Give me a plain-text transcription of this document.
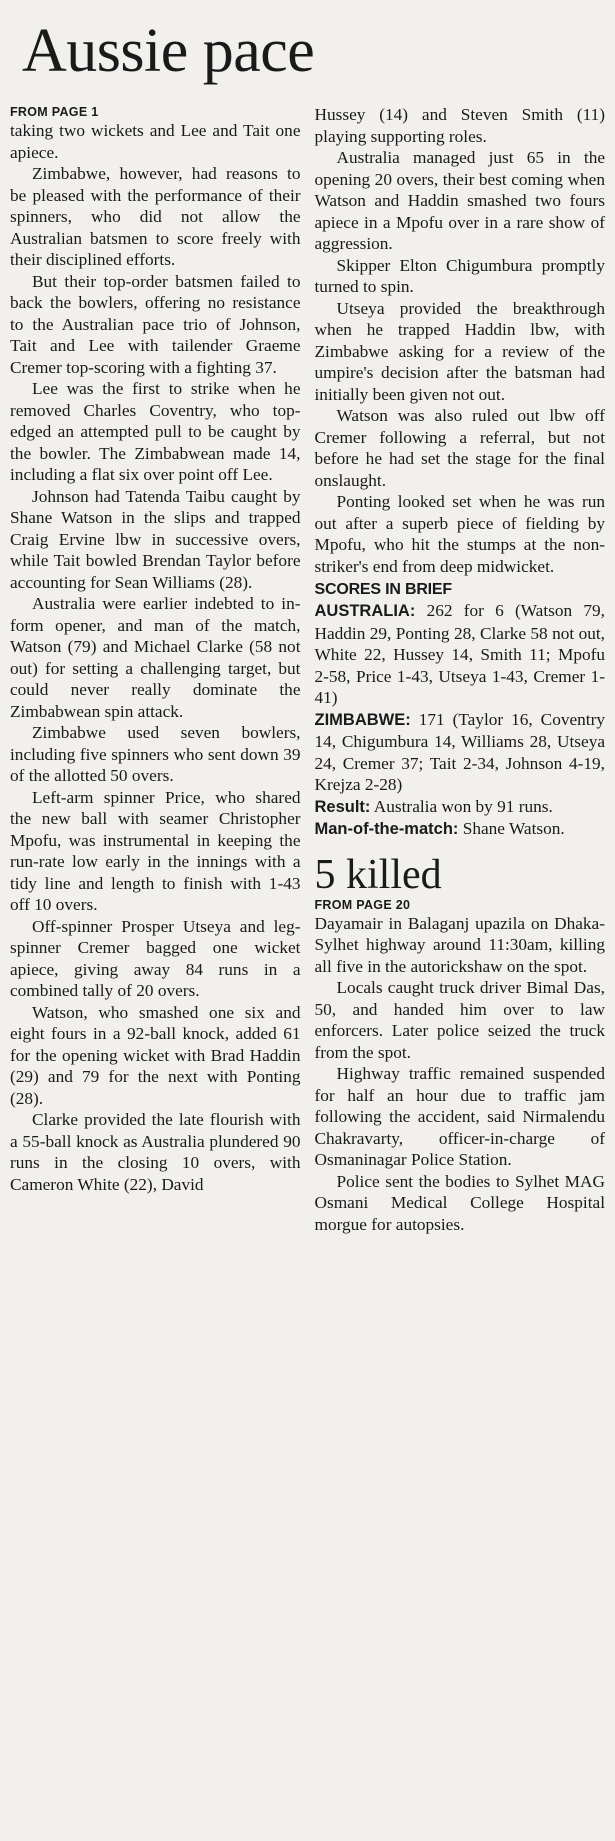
Aussie pace

FROM PAGE 1

taking two wickets and Lee and Tait one apiece.

Zimbabwe, however, had reasons to be pleased with the performance of their spinners, who did not allow the Australian batsmen to score freely with their disciplined efforts.

But their top-order batsmen failed to back the bowlers, offering no resistance to the Australian pace trio of Johnson, Tait and Lee with tailender Graeme Cremer top-scoring with a fighting 37.

Lee was the first to strike when he removed Charles Coventry, who top-edged an attempted pull to be caught by the bowler. The Zimbabwean made 14, including a flat six over point off Lee.

Johnson had Tatenda Taibu caught by Shane Watson in the slips and trapped Craig Ervine lbw in successive overs, while Tait bowled Brendan Taylor before accounting for Sean Williams (28).

Australia were earlier indebted to in-form opener, and man of the match, Watson (79) and Michael Clarke (58 not out) for setting a challenging target, but could never really dominate the Zimbabwean spin attack.

Zimbabwe used seven bowlers, including five spinners who sent down 39 of the allotted 50 overs.

Left-arm spinner Price, who shared the new ball with seamer Christopher Mpofu, was instrumental in keeping the run-rate low early in the innings with a tidy line and length to finish with 1-43 off 10 overs.

Off-spinner Prosper Utseya and leg-spinner Cremer bagged one wicket apiece, giving away 84 runs in a combined tally of 20 overs.

Watson, who smashed one six and eight fours in a 92-ball knock, added 61 for the opening wicket with Brad Haddin (29) and 79 for the next with Ponting (28).

Clarke provided the late flourish with a 55-ball knock as Australia plundered 90 runs in the closing 10 overs, with Cameron White (22), David

Hussey (14) and Steven Smith (11) playing supporting roles.

Australia managed just 65 in the opening 20 overs, their best coming when Watson and Haddin smashed two fours apiece in a Mpofu over in a rare show of aggression.

Skipper Elton Chigumbura promptly turned to spin.

Utseya provided the breakthrough when he trapped Haddin lbw, with Zimbabwe asking for a review of the umpire's decision after the batsman had initially been given not out.

Watson was also ruled out lbw off Cremer following a referral, but not before he had set the stage for the final onslaught.

Ponting looked set when he was run out after a superb piece of fielding by Mpofu, who hit the stumps at the non-striker's end from deep midwicket.

SCORES IN BRIEF

AUSTRALIA: 262 for 6 (Watson 79, Haddin 29, Ponting 28, Clarke 58 not out, White 22, Hussey 14, Smith 11; Mpofu 2-58, Price 1-43, Utseya 1-43, Cremer 1-41)

ZIMBABWE: 171 (Taylor 16, Coventry 14, Chigumbura 14, Williams 28, Utseya 24, Cremer 37; Tait 2-34, Johnson 4-19, Krejza 2-28)

Result: Australia won by 91 runs.

Man-of-the-match: Shane Watson.

5 killed

FROM PAGE 20

Dayamair in Balaganj upazila on Dhaka-Sylhet highway around 11:30am, killing all five in the autorickshaw on the spot.

Locals caught truck driver Bimal Das, 50, and handed him over to law enforcers. Later police seized the truck from the spot.

Highway traffic remained suspended for half an hour due to traffic jam following the accident, said Nirmalendu Chakravarty, officer-in-charge of Osmaninagar Police Station.

Police sent the bodies to Sylhet MAG Osmani Medical College Hospital morgue for autopsies.
